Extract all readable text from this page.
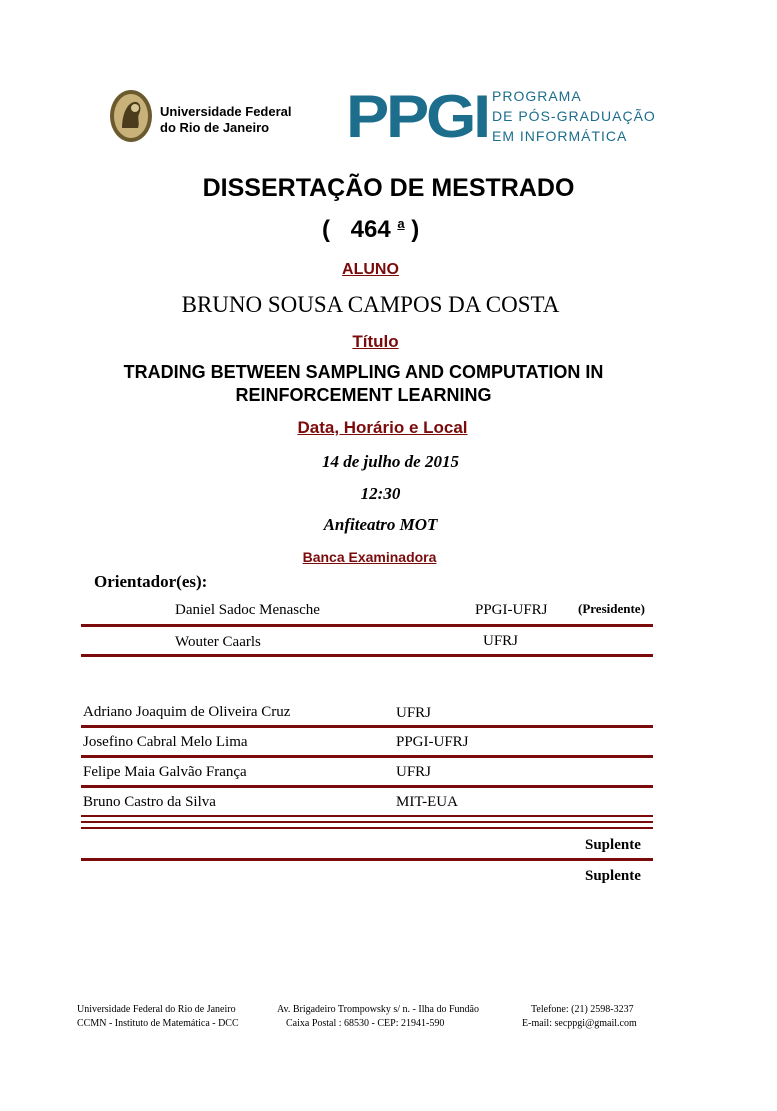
Universidade Federal
do Rio de Janeiro PPGI PROGRAMA
DE PÓS-GRADUAÇÃO
EM INFORMÁTICA
DISSERTAÇÃO DE MESTRADO
( 464 $^a$ )
ALUNO
BRUNO SOUSA CAMPOS DA COSTA
Título
TRADING BETWEEN SAMPLING AND COMPUTATION IN
REINFORCEMENT LEARNING
Data, Horário e Local
14 de julho de 2015
12:30
Anfiteatro MOT
Banca Examinadora
Orientador(es):
Daniel Sadoc Menasche	PPGI-UFRJ (Presidente)
Wouter Caarls	UFRJ
Adriano Joaquim de Oliveira Cruz	UFRJ
Josefino Cabral Melo Lima	PPGI-UFRJ
Felipe Maia Galvão França	UFRJ
Bruno Castro da Silva	MIT-EUA
Suplente
Suplente
Universidade Federal do Rio de Janeiro
CCMN - Instituto de Matemática - DCC
Av. Brigadeiro Trompowsky s/ n. - Ilha do Fundão
Caixa Postal : 68530 - CEP: 21941-590
Telefone: (21) 2598-3237
E-mail: secppgi@gmail.com
